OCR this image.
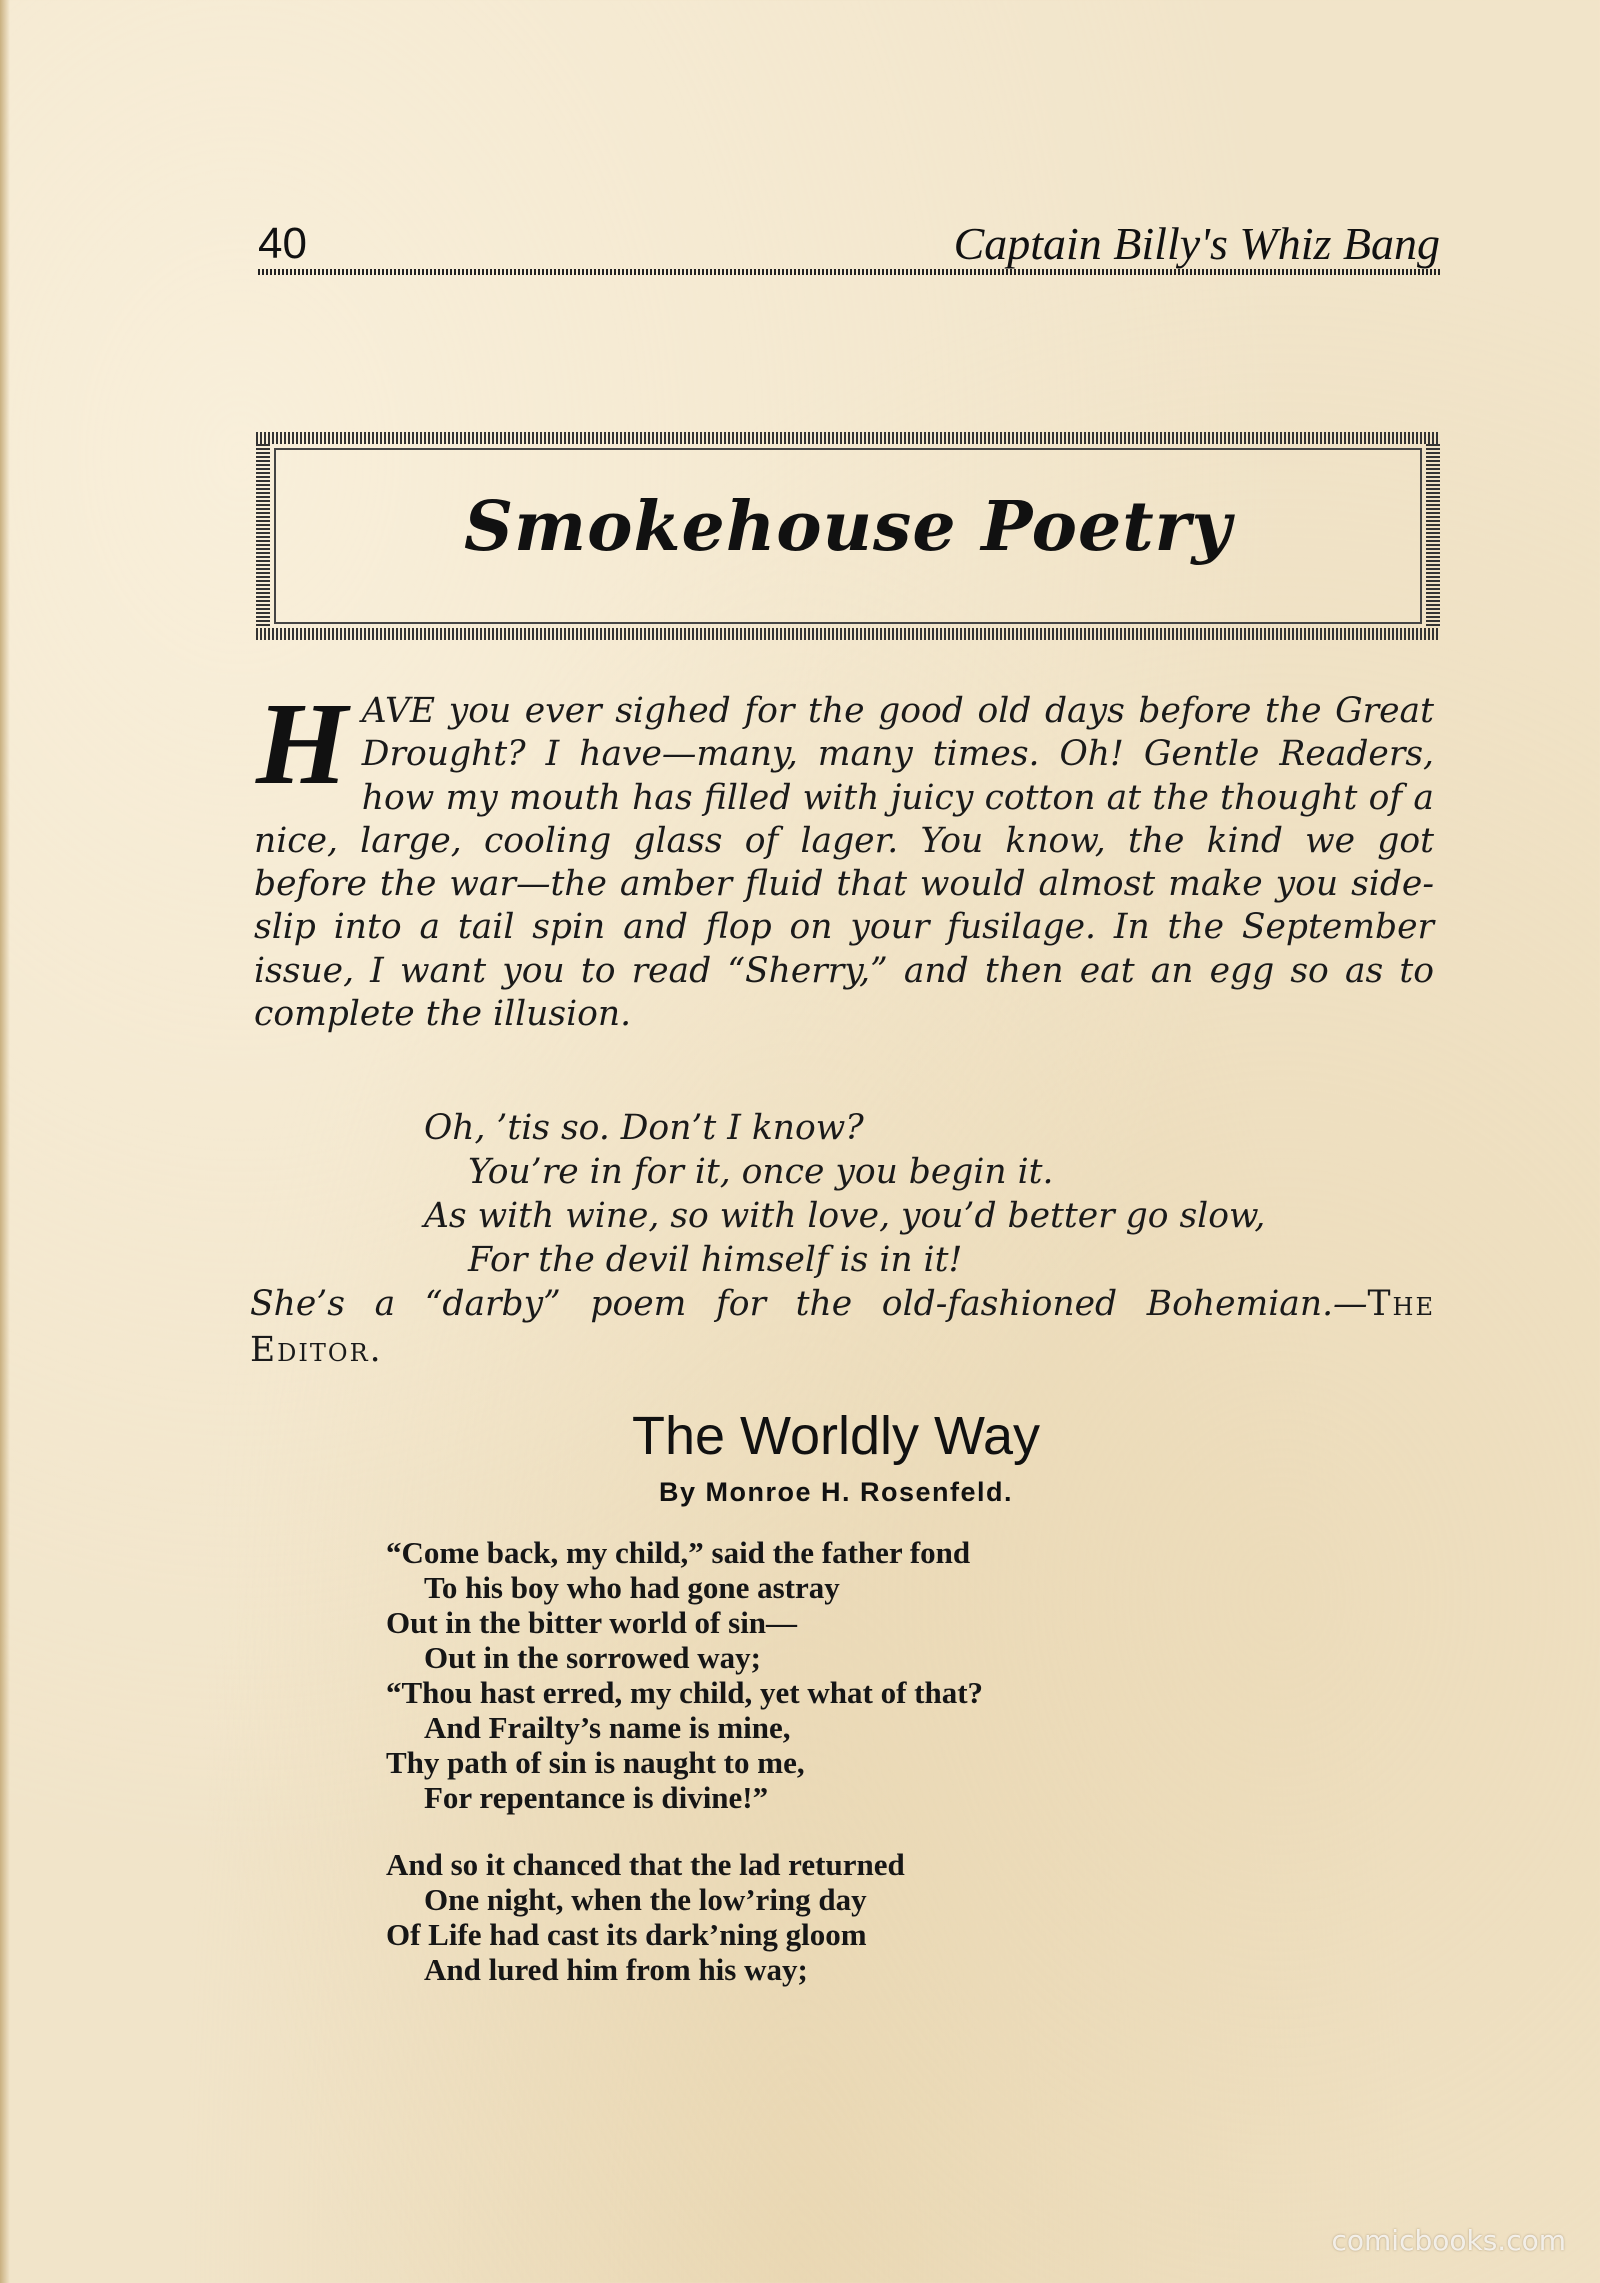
40	Captain Billy's Whiz Bang
Smokehouse Poetry

HAVE you ever sighed for the good old days before the Great Drought? I have—many, many times. Oh! Gentle Readers, how my mouth has filled with juicy cotton at the thought of a nice, large, cooling glass of lager. You know, the kind we got before the war—the amber fluid that would almost make you side-slip into a tail spin and flop on your fusilage. In the September issue, I want you to read “Sherry,” and then eat an egg so as to complete the illusion.

Oh, ’tis so. Don’t I know?
You’re in for it, once you begin it.
As with wine, so with love, you’d better go slow,
For the devil himself is in it!
She’s a “darby” poem for the old-fashioned Bohemian.—The
Editor.
The Worldly Way
By Monroe H. Rosenfeld.
“Come back, my child,” said the father fond
To his boy who had gone astray
Out in the bitter world of sin—
Out in the sorrowed way;
“Thou hast erred, my child, yet what of that?
And Frailty’s name is mine,
Thy path of sin is naught to me,
For repentance is divine!”
And so it chanced that the lad returned
One night, when the low’ring day
Of Life had cast its dark’ning gloom
And lured him from his way;
comicbooks.com
